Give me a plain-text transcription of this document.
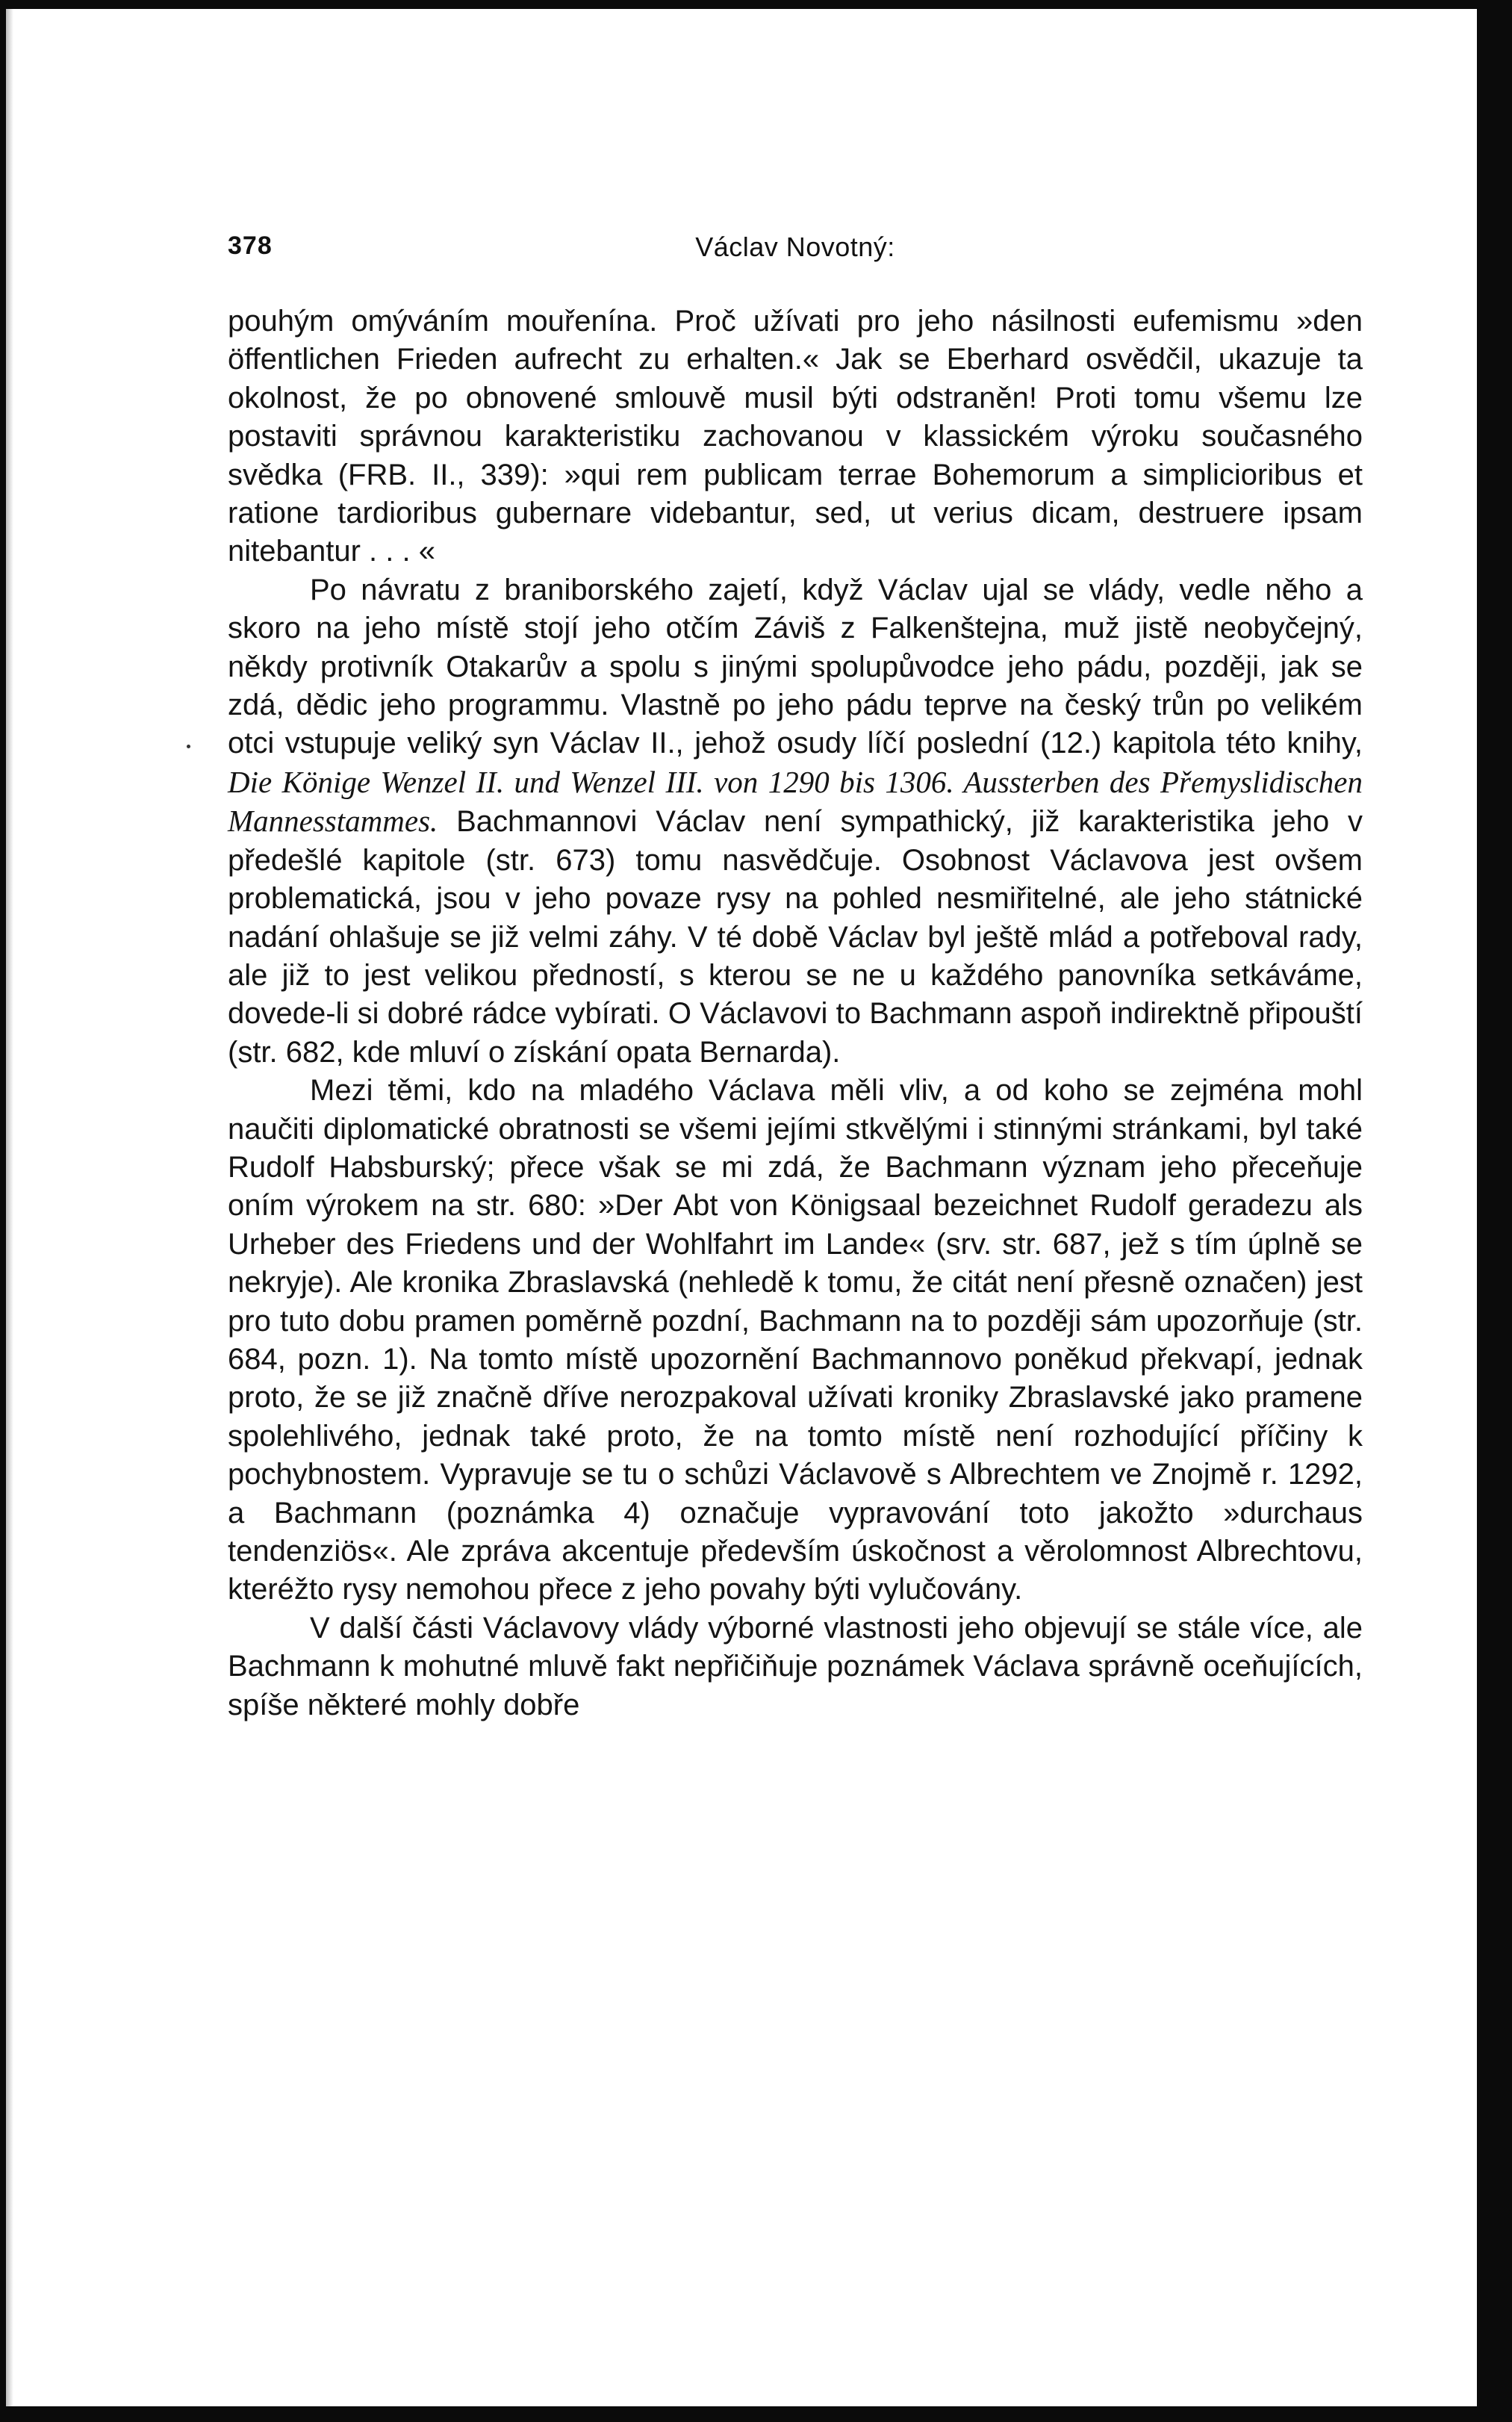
378	Václav Novotný:

pouhým omýváním mouřenína. Proč užívati pro jeho násilnosti eufemismu »den öffentlichen Frieden aufrecht zu erhalten.« Jak se Eberhard osvědčil, ukazuje ta okolnost, že po obnovené smlouvě musil býti odstraněn! Proti tomu všemu lze postaviti správnou karakteristiku zachovanou v klassickém výroku současného svědka (FRB. II., 339): »qui rem publicam terrae Bohemorum a simplicioribus et ratione tardioribus gubernare videbantur, sed, ut verius dicam, destruere ipsam nitebantur . . . «

Po návratu z braniborského zajetí, když Václav ujal se vlády, vedle něho a skoro na jeho místě stojí jeho otčím Záviš z Falkenštejna, muž jistě neobyčejný, někdy protivník Otakarův a spolu s jinými spolupůvodce jeho pádu, později, jak se zdá, dědic jeho programmu. Vlastně po jeho pádu teprve na český trůn po velikém otci vstupuje veliký syn Václav II., jehož osudy líčí poslední (12.) kapitola této knihy, Die Könige Wenzel II. und Wenzel III. von 1290 bis 1306. Aussterben des Přemyslidischen Mannesstammes. Bachmannovi Václav není sympathický, již karakteristika jeho v předešlé kapitole (str. 673) tomu nasvědčuje. Osobnost Václavova jest ovšem problematická, jsou v jeho povaze rysy na pohled nesmiřitelné, ale jeho státnické nadání ohlašuje se již velmi záhy. V té době Václav byl ještě mlád a potřeboval rady, ale již to jest velikou předností, s kterou se ne u každého panovníka setkáváme, dovede-li si dobré rádce vybírati. O Václavovi to Bachmann aspoň indirektně připouští (str. 682, kde mluví o získání opata Bernarda).

Mezi těmi, kdo na mladého Václava měli vliv, a od koho se zejména mohl naučiti diplomatické obratnosti se všemi jejími stkvělými i stinnými stránkami, byl také Rudolf Habsburský; přece však se mi zdá, že Bachmann význam jeho přeceňuje oním výrokem na str. 680: »Der Abt von Königsaal bezeichnet Rudolf geradezu als Urheber des Friedens und der Wohlfahrt im Lande« (srv. str. 687, jež s tím úplně se nekryje). Ale kronika Zbraslavská (nehledě k tomu, že citát není přesně označen) jest pro tuto dobu pramen poměrně pozdní, Bachmann na to později sám upozorňuje (str. 684, pozn. 1). Na tomto místě upozornění Bachmannovo poněkud překvapí, jednak proto, že se již značně dříve nerozpakoval užívati kroniky Zbraslavské jako pramene spolehlivého, jednak také proto, že na tomto místě není rozhodující příčiny k pochybnostem. Vypravuje se tu o schůzi Václavově s Albrechtem ve Znojmě r. 1292, a Bachmann (poznámka 4) označuje vypravování toto jakožto »durchaus tendenziös«. Ale zpráva akcentuje především úskočnost a věrolomnost Albrechtovu, kteréžto rysy nemohou přece z jeho povahy býti vylučovány.

V další části Václavovy vlády výborné vlastnosti jeho objevují se stále více, ale Bachmann k mohutné mluvě fakt nepřičiňuje poznámek Václava správně oceňujících, spíše některé mohly dobře
